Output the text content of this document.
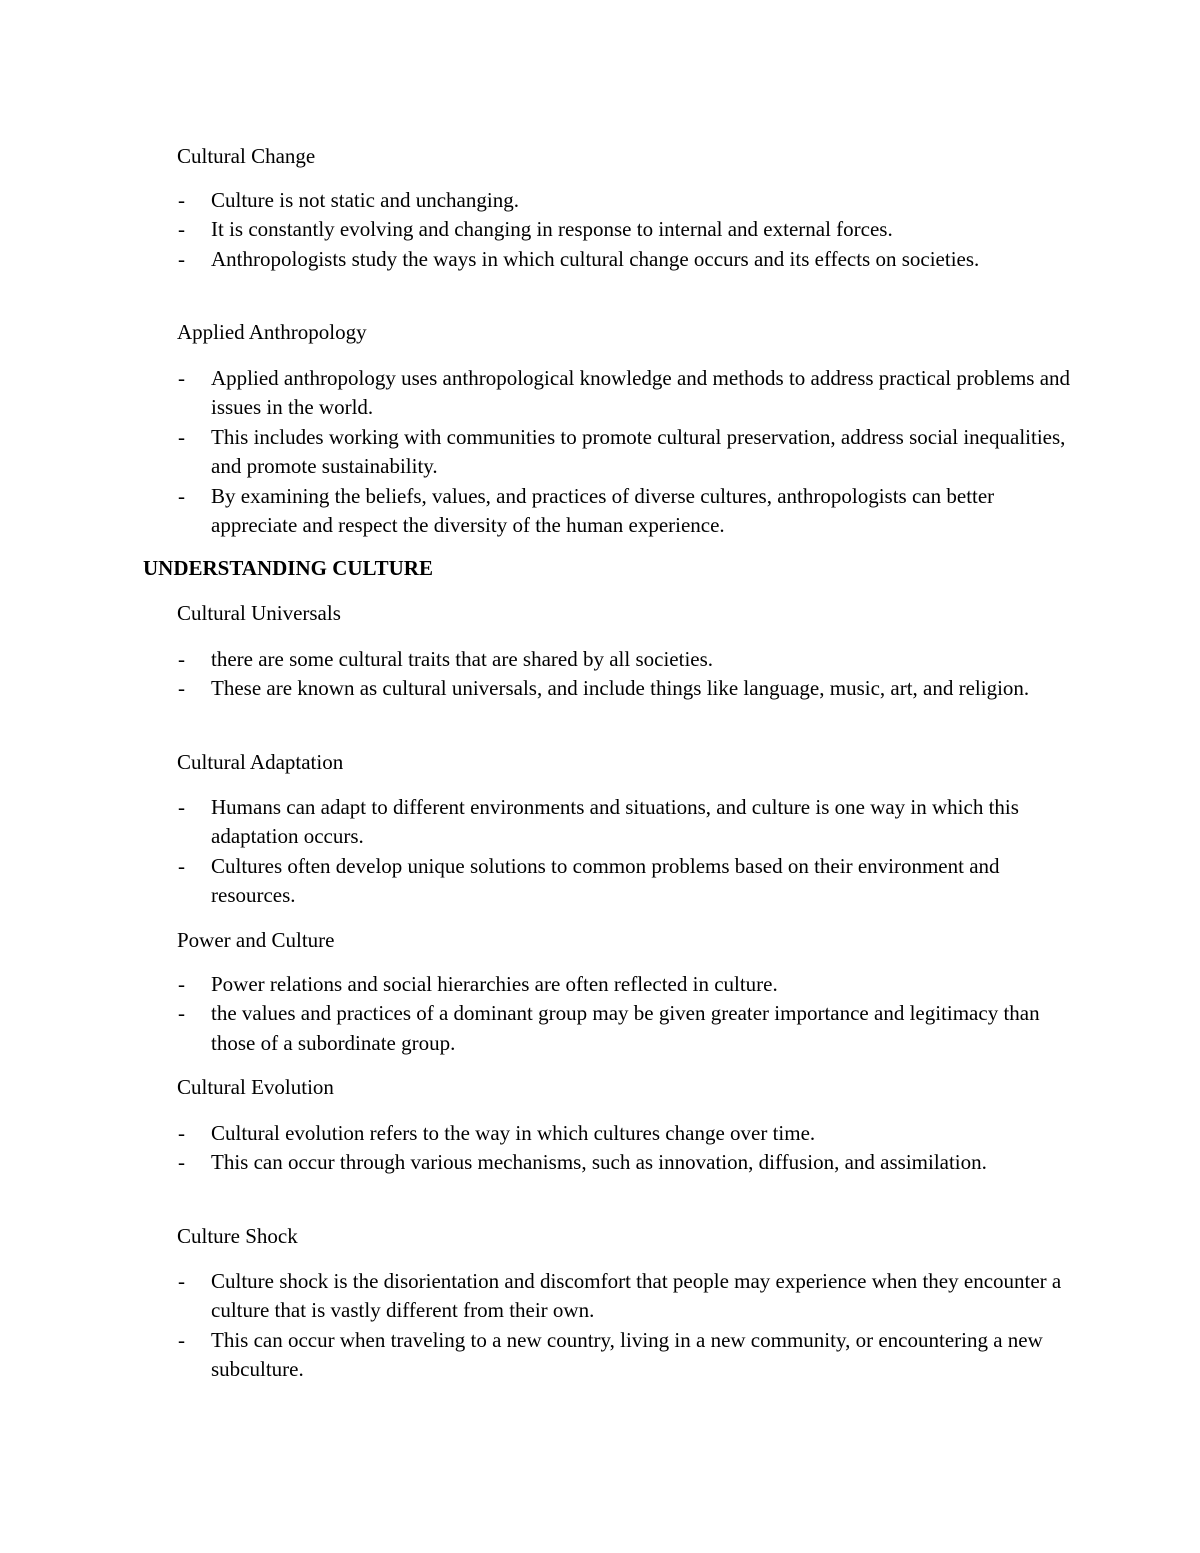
Cultural Change
- Culture is not static and unchanging.
- It is constantly evolving and changing in response to internal and external forces.
- Anthropologists study the ways in which cultural change occurs and its effects on societies.
Applied Anthropology
- Applied anthropology uses anthropological knowledge and methods to address practical problems and issues in the world.
- This includes working with communities to promote cultural preservation, address social inequalities, and promote sustainability.
- By examining the beliefs, values, and practices of diverse cultures, anthropologists can better appreciate and respect the diversity of the human experience.
UNDERSTANDING CULTURE
Cultural Universals
- there are some cultural traits that are shared by all societies.
- These are known as cultural universals, and include things like language, music, art, and religion.
Cultural Adaptation
- Humans can adapt to different environments and situations, and culture is one way in which this adaptation occurs.
- Cultures often develop unique solutions to common problems based on their environment and resources.
Power and Culture
- Power relations and social hierarchies are often reflected in culture.
- the values and practices of a dominant group may be given greater importance and legitimacy than those of a subordinate group.
Cultural Evolution
- Cultural evolution refers to the way in which cultures change over time.
- This can occur through various mechanisms, such as innovation, diffusion, and assimilation.
Culture Shock
- Culture shock is the disorientation and discomfort that people may experience when they encounter a culture that is vastly different from their own.
- This can occur when traveling to a new country, living in a new community, or encountering a new subculture.
